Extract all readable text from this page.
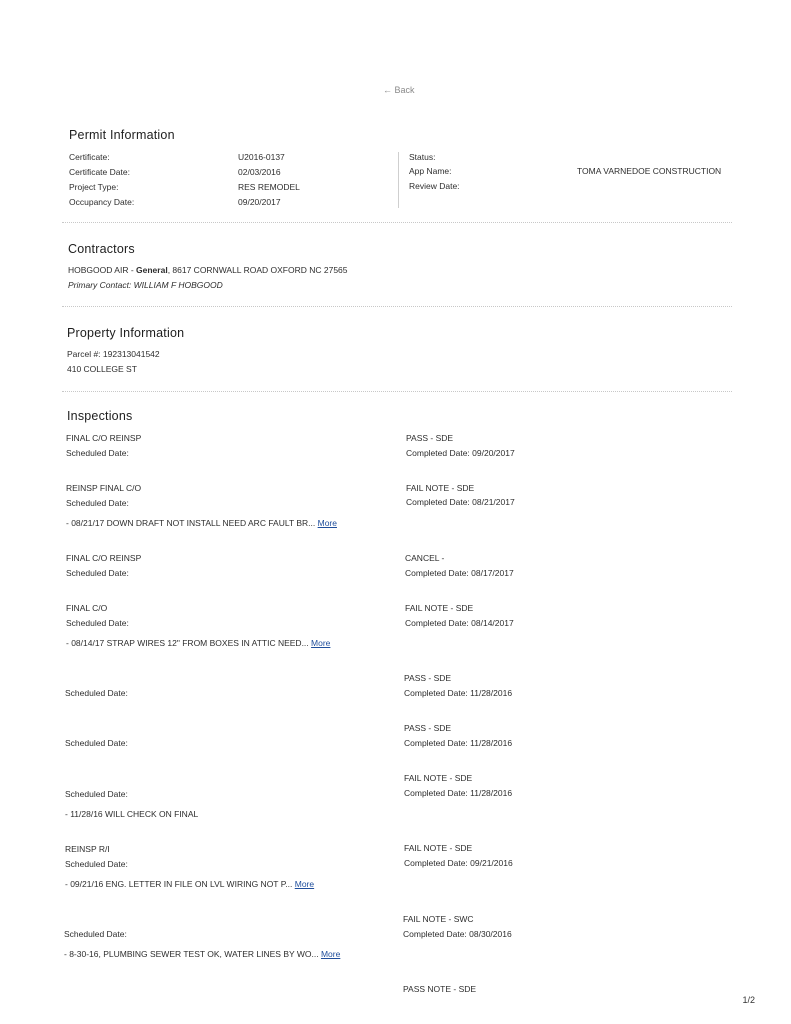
← Back
Permit Information
Certificate:	U2016-0137
Certificate Date:	02/03/2016
Project Type:	RES REMODEL
Occupancy Date:	09/20/2017
Status:
App Name:	TOMA VARNEDOE CONSTRUCTION
Review Date:
Contractors
HOBGOOD AIR - General, 8617 CORNWALL ROAD OXFORD NC 27565
Primary Contact: WILLIAM F HOBGOOD
Property Information
Parcel #: 192313041542
410 COLLEGE ST
Inspections
FINAL C/O REINSP
Scheduled Date:
PASS - SDE
Completed Date: 09/20/2017
REINSP FINAL C/O
Scheduled Date:
FAIL NOTE - SDE
Completed Date: 08/21/2017
- 08/21/17 DOWN DRAFT NOT INSTALL NEED ARC FAULT BR... More
FINAL C/O REINSP
Scheduled Date:
CANCEL -
Completed Date: 08/17/2017
FINAL C/O
Scheduled Date:
FAIL NOTE - SDE
Completed Date: 08/14/2017
- 08/14/17 STRAP WIRES 12" FROM BOXES IN ATTIC NEED... More
Scheduled Date:
PASS - SDE
Completed Date: 11/28/2016
Scheduled Date:
PASS - SDE
Completed Date: 11/28/2016
Scheduled Date:
FAIL NOTE - SDE
Completed Date: 11/28/2016
- 11/28/16 WILL CHECK ON FINAL
REINSP R/I
Scheduled Date:
FAIL NOTE - SDE
Completed Date: 09/21/2016
- 09/21/16 ENG. LETTER IN FILE ON LVL WIRING NOT P... More
Scheduled Date:
FAIL NOTE - SWC
Completed Date: 08/30/2016
- 8-30-16, PLUMBING SEWER TEST OK, WATER LINES BY WO... More
PASS NOTE - SDE
1/2
